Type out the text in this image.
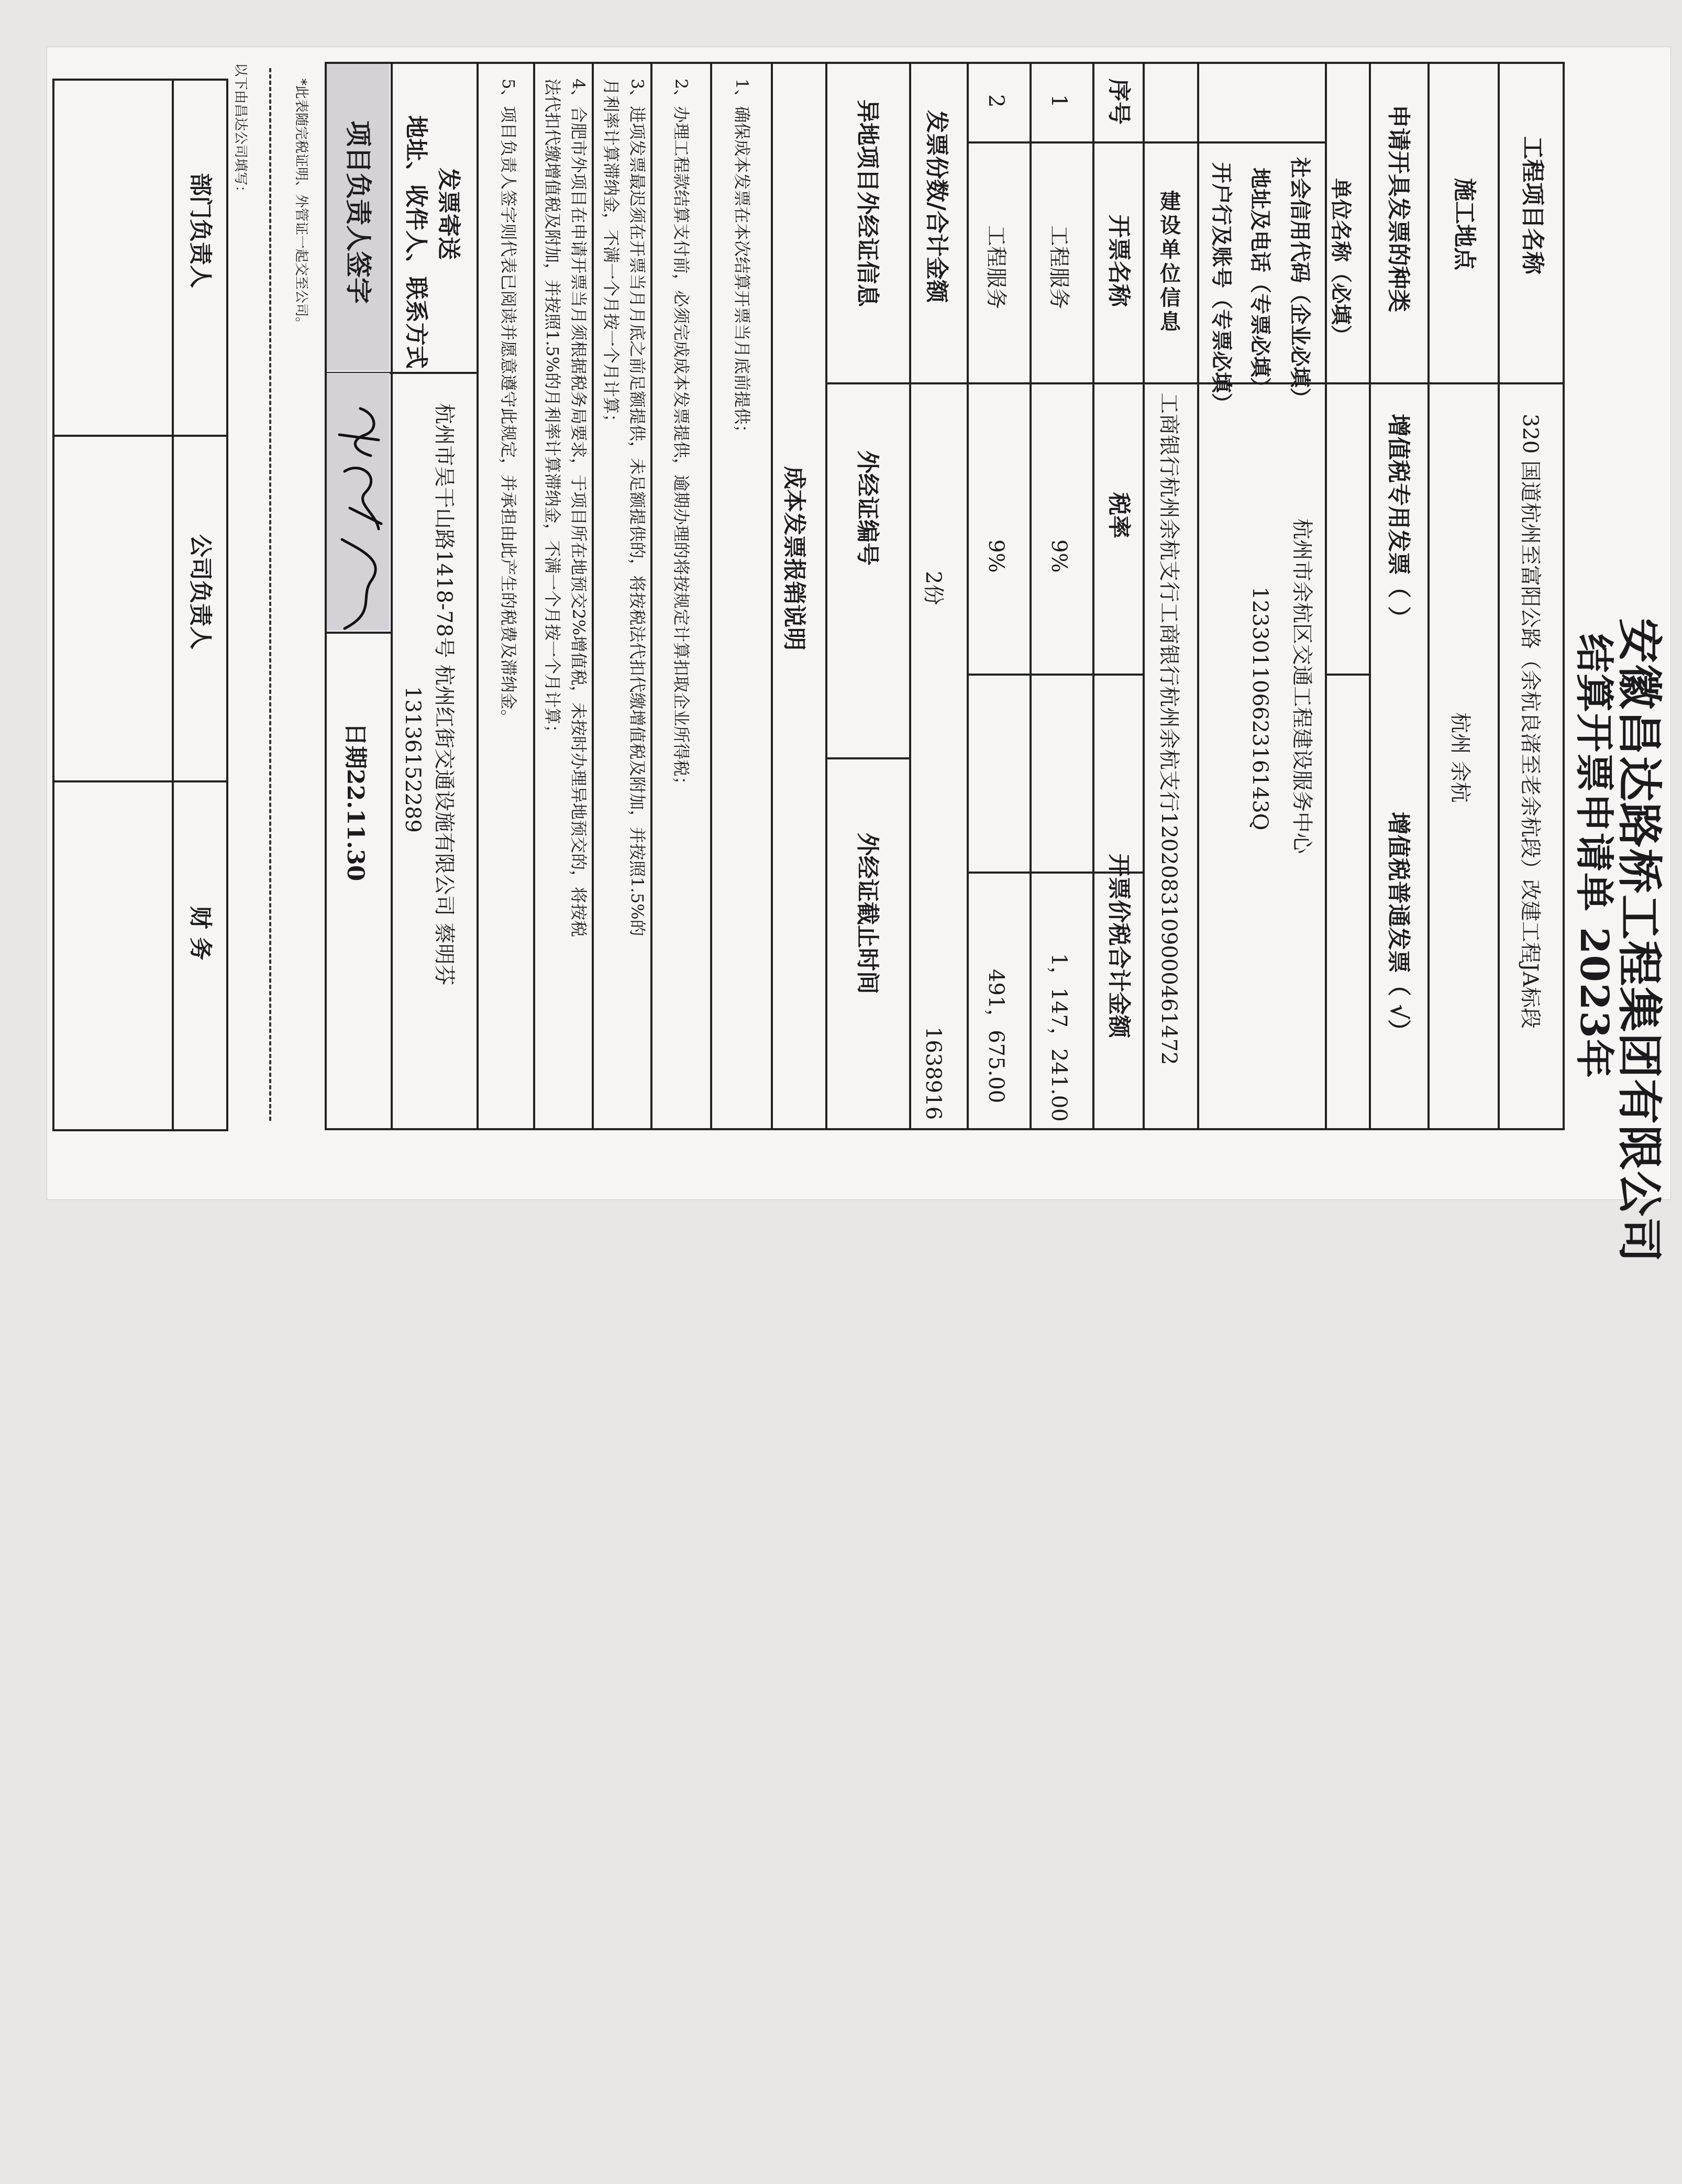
安徽昌达路桥工程集团有限公司
结算开票申请单
2023年
工程项目名称
320 国道杭州至富阳公路（余杭良渚至老余杭段）改建工程JA标段
施工地点
杭州 余杭
申请开具发票的种类
增值税专用发票（ ）
增值税普通发票（ √）
建
设
单
位
信
息	单位名称（必填）
杭州市余杭区交通工程建设服务中心
社会信用代码（企业必填）
12330110662316143Q
地址及电话（专票必填）
开户行及账号（专票必填）
工商银行杭州余杭支行工商银行杭州余杭支行1202083109000461472
序号
开票名称
税率
开票价税合计金额
1
工程服务
9%
1，147，241.00
2
工程服务
9%
491，675.00
发票份数/合计金额
2份
1638916
异地项目外经证信息
外经证编号
外经证截止时间
成本发票报销说明
1、确保成本发票在本次结算开票当月底前提供；
2、办理工程款结算支付前，必须完成成本发票提供，逾期办理的将按规定计算扣取企业所得税；
3、进项发票最迟须在开票当月月底之前足额提供，未足额提供的，将按税法代扣代缴增值税及附加，并按照1.5%的
月利率计算滞纳金，不满一个月按一个月计算；
4、合肥市外项目在申请开票当月须根据税务局要求，于项目所在地预交2%增值税，未按时办理异地预交的，将按税
法代扣代缴增值税及附加，并按照1.5%的月利率计算滞纳金，不满一个月按一个月计算；
5、项目负责人签字则代表已阅读并愿意遵守此规定，并承担由此产生的税费及滞纳金。
发票寄送
地址、收件人、联系方式
杭州市吴干山路1418-78号 杭州红街交通设施有限公司 蔡明芬
13136152289
项目负责人签字
日期22.11.30
*此表随完税证明、外管证一起交至公司。
以下由昌达公司填写：
部门负责人
公司负责人
财 务
